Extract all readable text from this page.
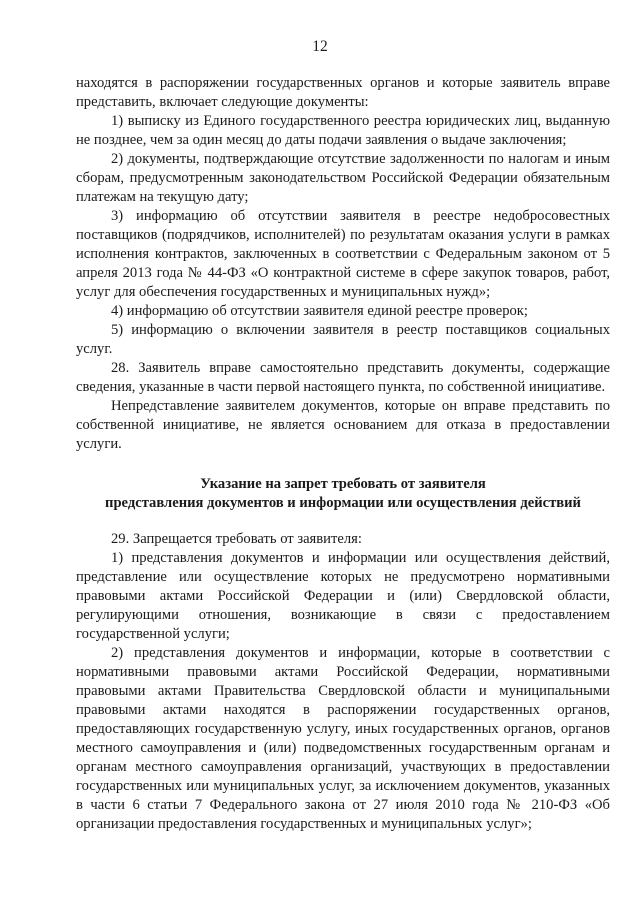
12

находятся в распоряжении государственных органов и которые заявитель вправе представить, включает следующие документы:

1) выписку из Единого государственного реестра юридических лиц, выданную не позднее, чем за один месяц до даты подачи заявления о выдаче заключения;

2) документы, подтверждающие отсутствие задолженности по налогам и иным сборам, предусмотренным законодательством Российской Федерации обязательным платежам на текущую дату;

3) информацию об отсутствии заявителя в реестре недобросовестных поставщиков (подрядчиков, исполнителей) по результатам оказания услуги в рамках исполнения контрактов, заключенных в соответствии с Федеральным законом от 5 апреля 2013 года № 44-ФЗ «О контрактной системе в сфере закупок товаров, работ, услуг для обеспечения государственных и муниципальных нужд»;

4) информацию об отсутствии заявителя единой реестре проверок;

5) информацию о включении заявителя в реестр поставщиков социальных услуг.

28. Заявитель вправе самостоятельно представить документы, содержащие сведения, указанные в части первой настоящего пункта, по собственной инициативе.

Непредставление заявителем документов, которые он вправе представить по собственной инициативе, не является основанием для отказа в предоставлении услуги.

Указание на запрет требовать от заявителя
представления документов и информации или осуществления действий

29. Запрещается требовать от заявителя:

1) представления документов и информации или осуществления действий, представление или осуществление которых не предусмотрено нормативными правовыми актами Российской Федерации и (или) Свердловской области, регулирующими отношения, возникающие в связи с предоставлением государственной услуги;

2) представления документов и информации, которые в соответствии с нормативными правовыми актами Российской Федерации, нормативными правовыми актами Правительства Свердловской области и муниципальными правовыми актами находятся в распоряжении государственных органов, предоставляющих государственную услугу, иных государственных органов, органов местного самоуправления и (или) подведомственных государственным органам и органам местного самоуправления организаций, участвующих в предоставлении государственных или муниципальных услуг, за исключением документов, указанных в части 6 статьи 7 Федерального закона от 27 июля 2010 года № 210-ФЗ «Об организации предоставления государственных и муниципальных услуг»;
